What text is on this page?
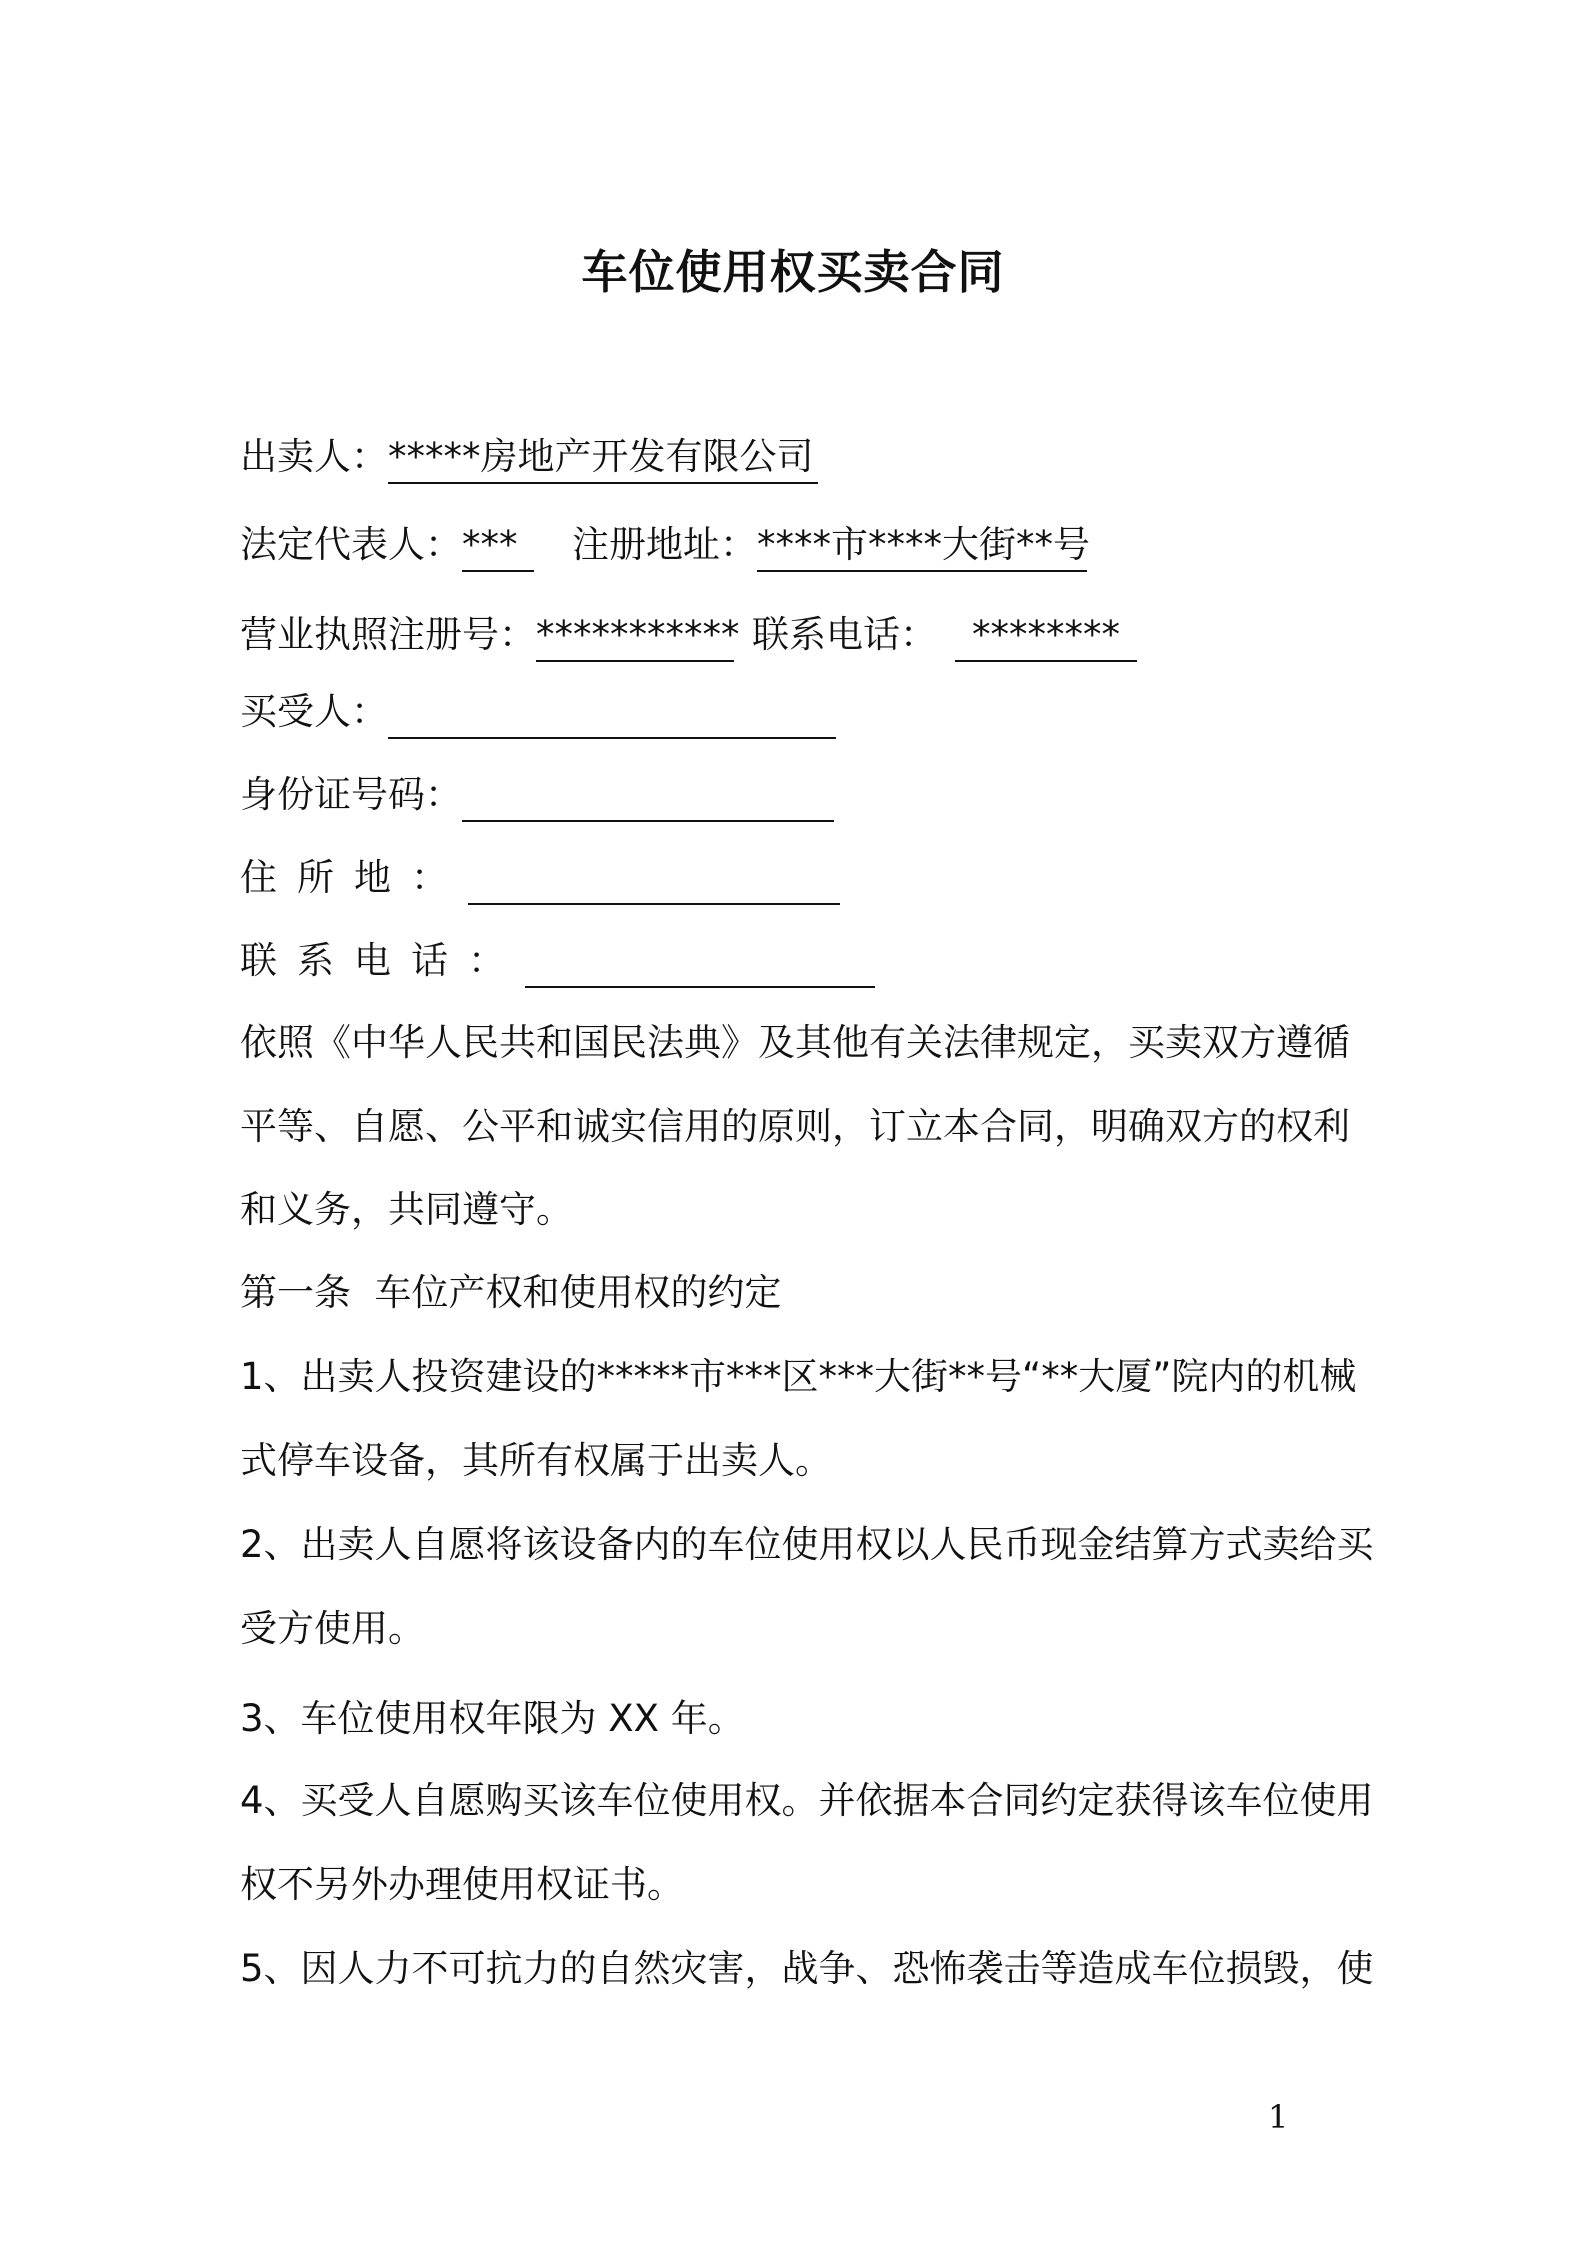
车位使用权买卖合同
出卖人：*****房地产开发有限公司
法定代表人：*** 注册地址：****市****大街**号
营业执照注册号：*********** 联系电话： ********
买受人：
身份证号码：
住所地：
联系电话：
依照《中华人民共和国民法典》及其他有关法律规定，买卖双方遵循
平等、自愿、公平和诚实信用的原则，订立本合同，明确双方的权利
和义务，共同遵守。
第一条  车位产权和使用权的约定
1、出卖人投资建设的*****市***区***大街**号“**大厦”院内的机械
式停车设备，其所有权属于出卖人。
2、出卖人自愿将该设备内的车位使用权以人民币现金结算方式卖给买
受方使用。
3、车位使用权年限为 XX 年。
4、买受人自愿购买该车位使用权。并依据本合同约定获得该车位使用
权不另外办理使用权证书。
5、因人力不可抗力的自然灾害，战争、恐怖袭击等造成车位损毁，使
1
